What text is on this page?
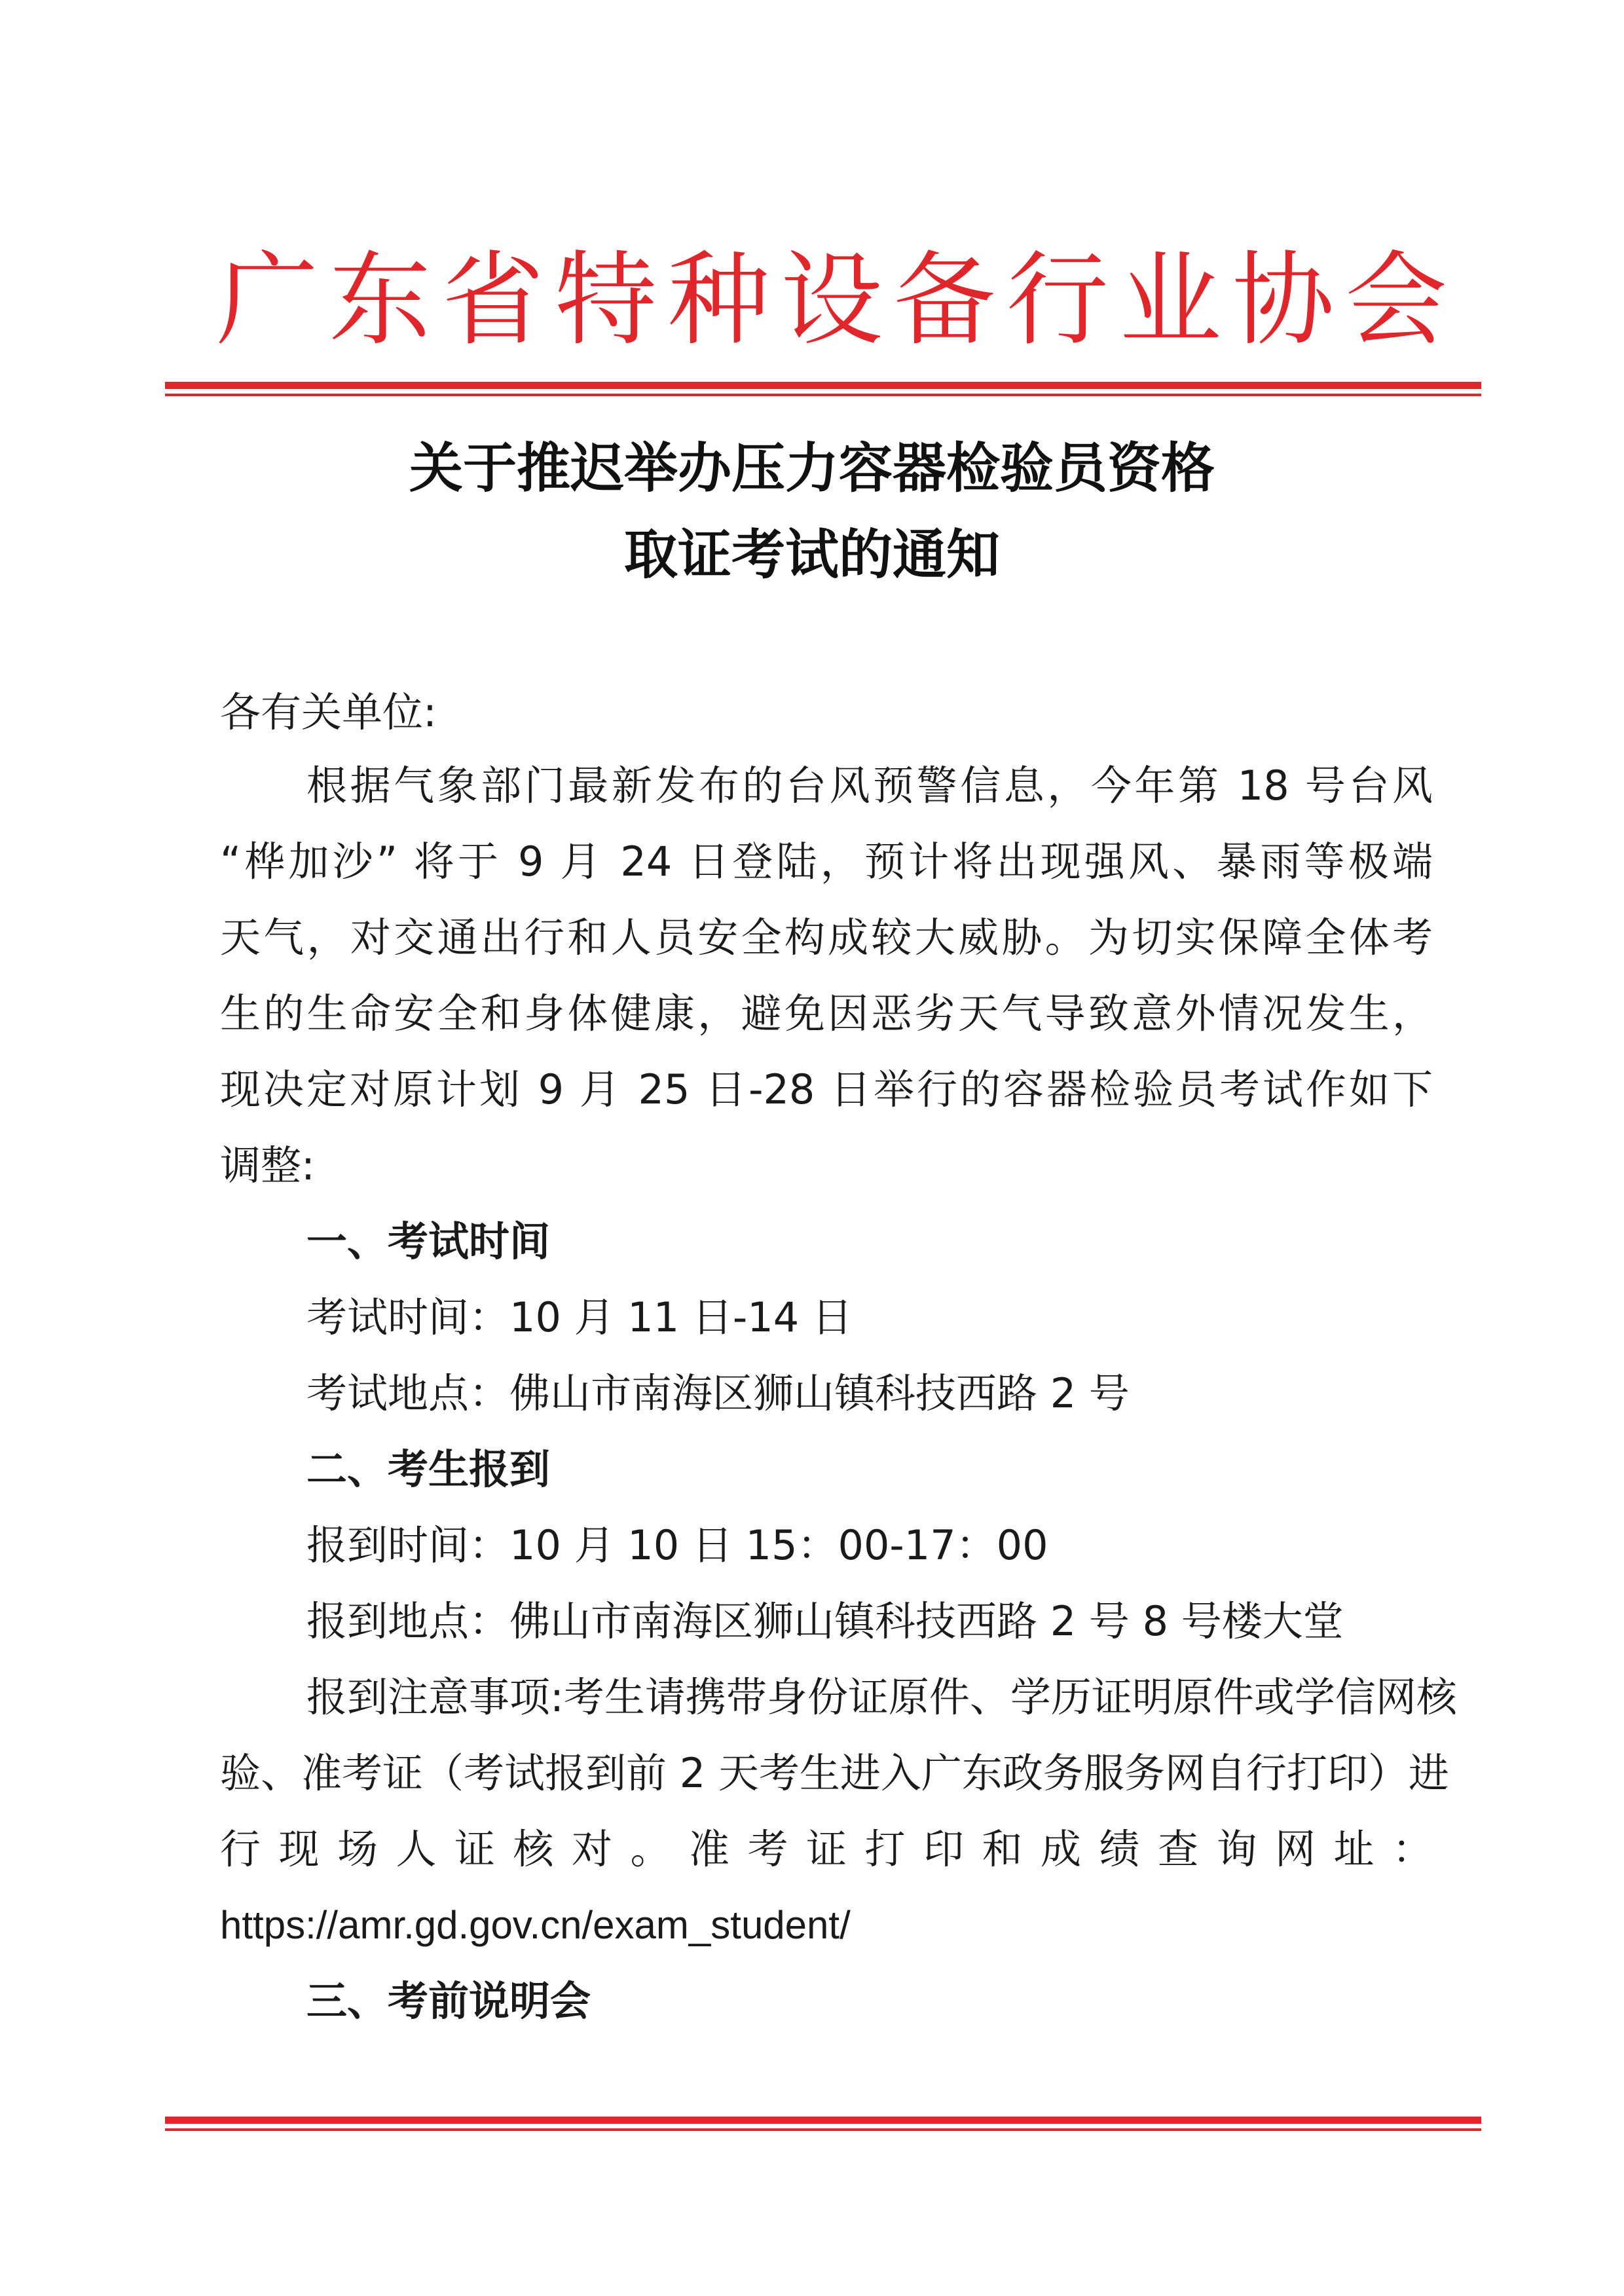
广东省特种设备行业协会
关于推迟举办压力容器检验员资格
取证考试的通知
各有关单位:
根据气象部门最新发布的台风预警信息，今年第 18 号台风
“桦加沙” 将于 9 月 24 日登陆，预计将出现强风、暴雨等极端
天气，对交通出行和人员安全构成较大威胁。为切实保障全体考
生的生命安全和身体健康，避免因恶劣天气导致意外情况发生，
现决定对原计划 9 月 25 日-28 日举行的容器检验员考试作如下
调整:
一、考试时间
考试时间：10 月 11 日-14 日
考试地点：佛山市南海区狮山镇科技西路 2 号
二、考生报到
报到时间：10 月 10 日 15：00-17：00
报到地点：佛山市南海区狮山镇科技西路 2 号 8 号楼大堂
报到注意事项:考生请携带身份证原件、学历证明原件或学信网核
验、准考证（考试报到前 2 天考生进入广东政务服务网自行打印）进
行现场人证核对。准考证打印和成绩查询网址：
https://amr.gd.gov.cn/exam_student/
三、考前说明会
